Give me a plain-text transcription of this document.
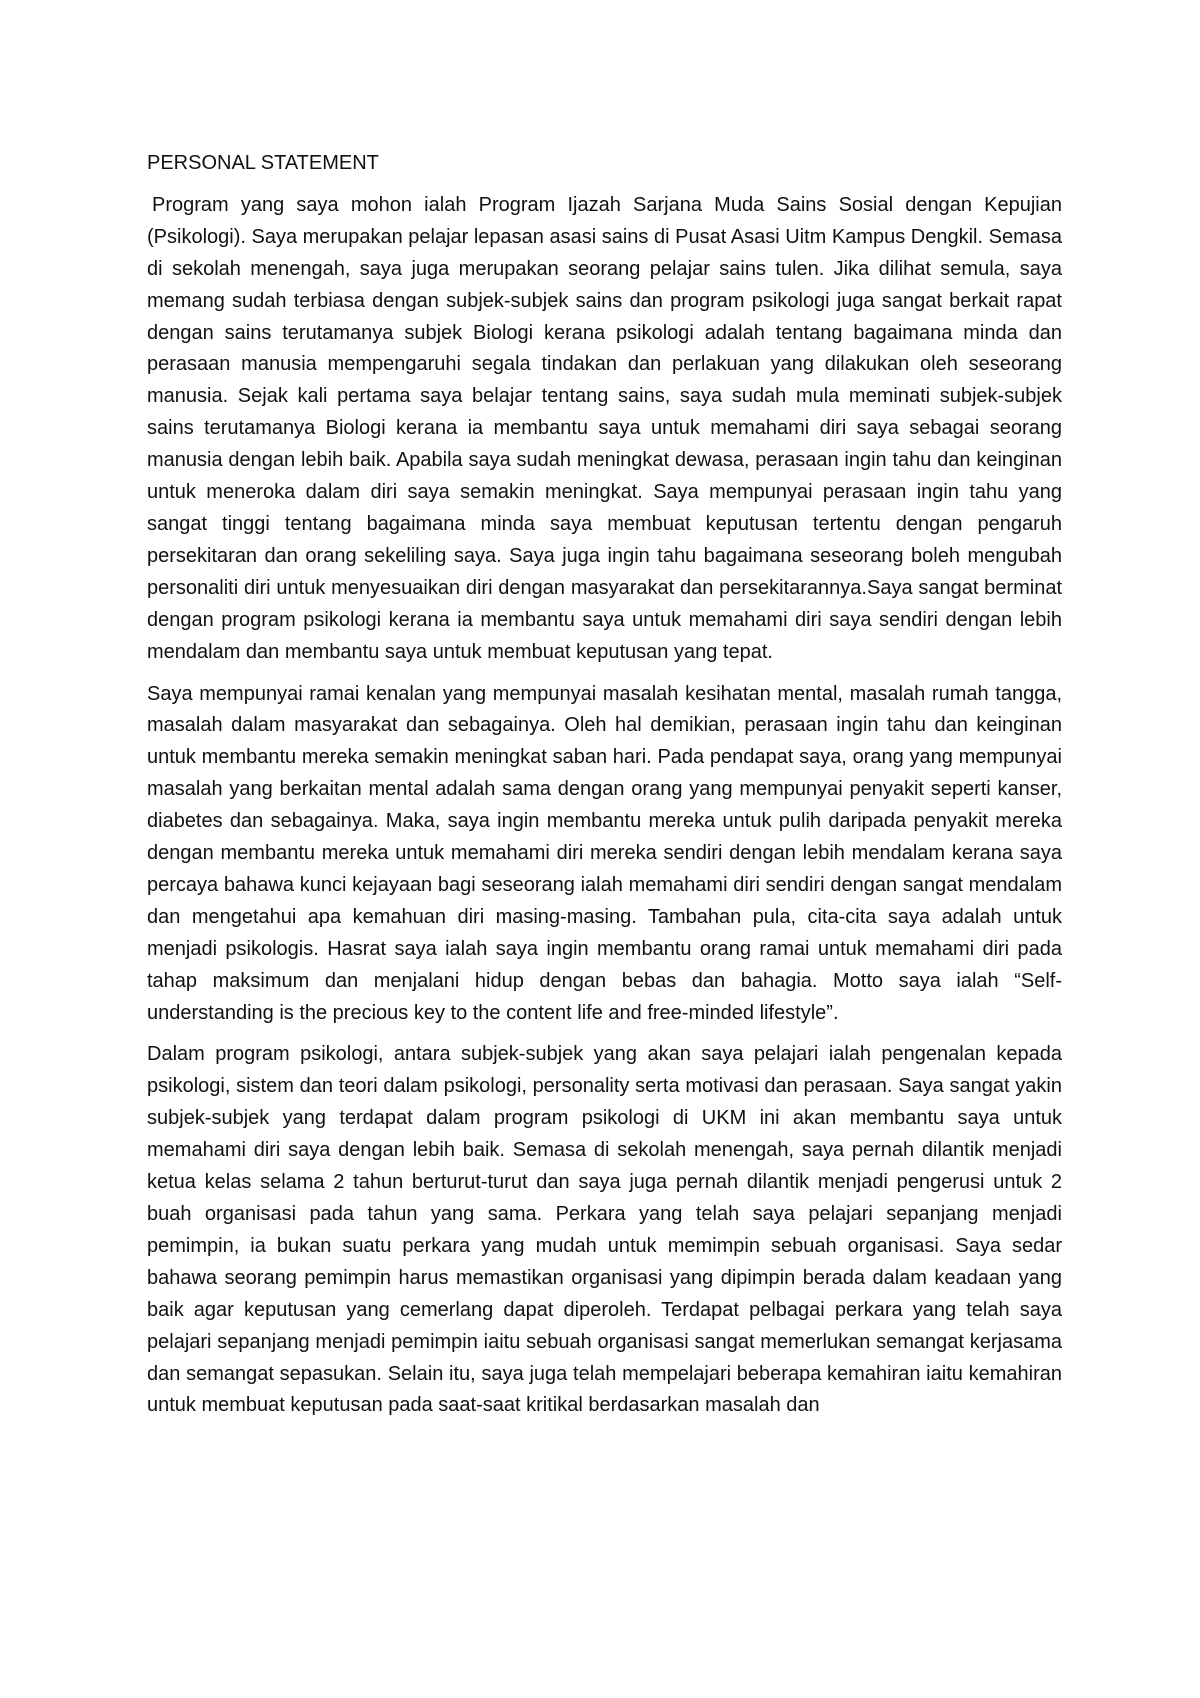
PERSONAL STATEMENT

Program yang saya mohon ialah Program Ijazah Sarjana Muda Sains Sosial dengan Kepujian (Psikologi). Saya merupakan pelajar lepasan asasi sains di Pusat Asasi Uitm Kampus Dengkil. Semasa di sekolah menengah, saya juga merupakan seorang pelajar sains tulen. Jika dilihat semula, saya memang sudah terbiasa dengan subjek-subjek sains dan program psikologi juga sangat berkait rapat dengan sains terutamanya subjek Biologi kerana psikologi adalah tentang bagaimana minda dan perasaan manusia mempengaruhi segala tindakan dan perlakuan yang dilakukan oleh seseorang manusia. Sejak kali pertama saya belajar tentang sains, saya sudah mula meminati subjek-subjek sains terutamanya Biologi kerana ia membantu saya untuk memahami diri saya sebagai seorang manusia dengan lebih baik. Apabila saya sudah meningkat dewasa, perasaan ingin tahu dan keinginan untuk meneroka dalam diri saya semakin meningkat. Saya mempunyai perasaan ingin tahu yang sangat tinggi tentang bagaimana minda saya membuat keputusan tertentu dengan pengaruh persekitaran dan orang sekeliling saya. Saya juga ingin tahu bagaimana seseorang boleh mengubah personaliti diri untuk menyesuaikan diri dengan masyarakat dan persekitarannya.Saya sangat berminat dengan program psikologi kerana ia membantu saya untuk memahami diri saya sendiri dengan lebih mendalam dan membantu saya untuk membuat keputusan yang tepat.

Saya mempunyai ramai kenalan yang mempunyai masalah kesihatan mental, masalah rumah tangga, masalah dalam masyarakat dan sebagainya. Oleh hal demikian, perasaan ingin tahu dan keinginan untuk membantu mereka semakin meningkat saban hari. Pada pendapat saya, orang yang mempunyai masalah yang berkaitan mental adalah sama dengan orang yang mempunyai penyakit seperti kanser, diabetes dan sebagainya. Maka, saya ingin membantu mereka untuk pulih daripada penyakit mereka dengan membantu mereka untuk memahami diri mereka sendiri dengan lebih mendalam kerana saya percaya bahawa kunci kejayaan bagi seseorang ialah memahami diri sendiri dengan sangat mendalam dan mengetahui apa kemahuan diri masing-masing. Tambahan pula, cita-cita saya adalah untuk menjadi psikologis. Hasrat saya ialah saya ingin membantu orang ramai untuk memahami diri pada tahap maksimum dan menjalani hidup dengan bebas dan bahagia. Motto saya ialah “Self-understanding is the precious key to the content life and free-minded lifestyle”.

Dalam program psikologi, antara subjek-subjek yang akan saya pelajari ialah pengenalan kepada psikologi, sistem dan teori dalam psikologi, personality serta motivasi dan perasaan. Saya sangat yakin subjek-subjek yang terdapat dalam program psikologi di UKM ini akan membantu saya untuk memahami diri saya dengan lebih baik. Semasa di sekolah menengah, saya pernah dilantik menjadi ketua kelas selama 2 tahun berturut-turut dan saya juga pernah dilantik menjadi pengerusi untuk 2 buah organisasi pada tahun yang sama. Perkara yang telah saya pelajari sepanjang menjadi pemimpin, ia bukan suatu perkara yang mudah untuk memimpin sebuah organisasi. Saya sedar bahawa seorang pemimpin harus memastikan organisasi yang dipimpin berada dalam keadaan yang baik agar keputusan yang cemerlang dapat diperoleh. Terdapat pelbagai perkara yang telah saya pelajari sepanjang menjadi pemimpin iaitu sebuah organisasi sangat memerlukan semangat kerjasama dan semangat sepasukan. Selain itu, saya juga telah mempelajari beberapa kemahiran iaitu kemahiran untuk membuat keputusan pada saat-saat kritikal berdasarkan masalah dan
